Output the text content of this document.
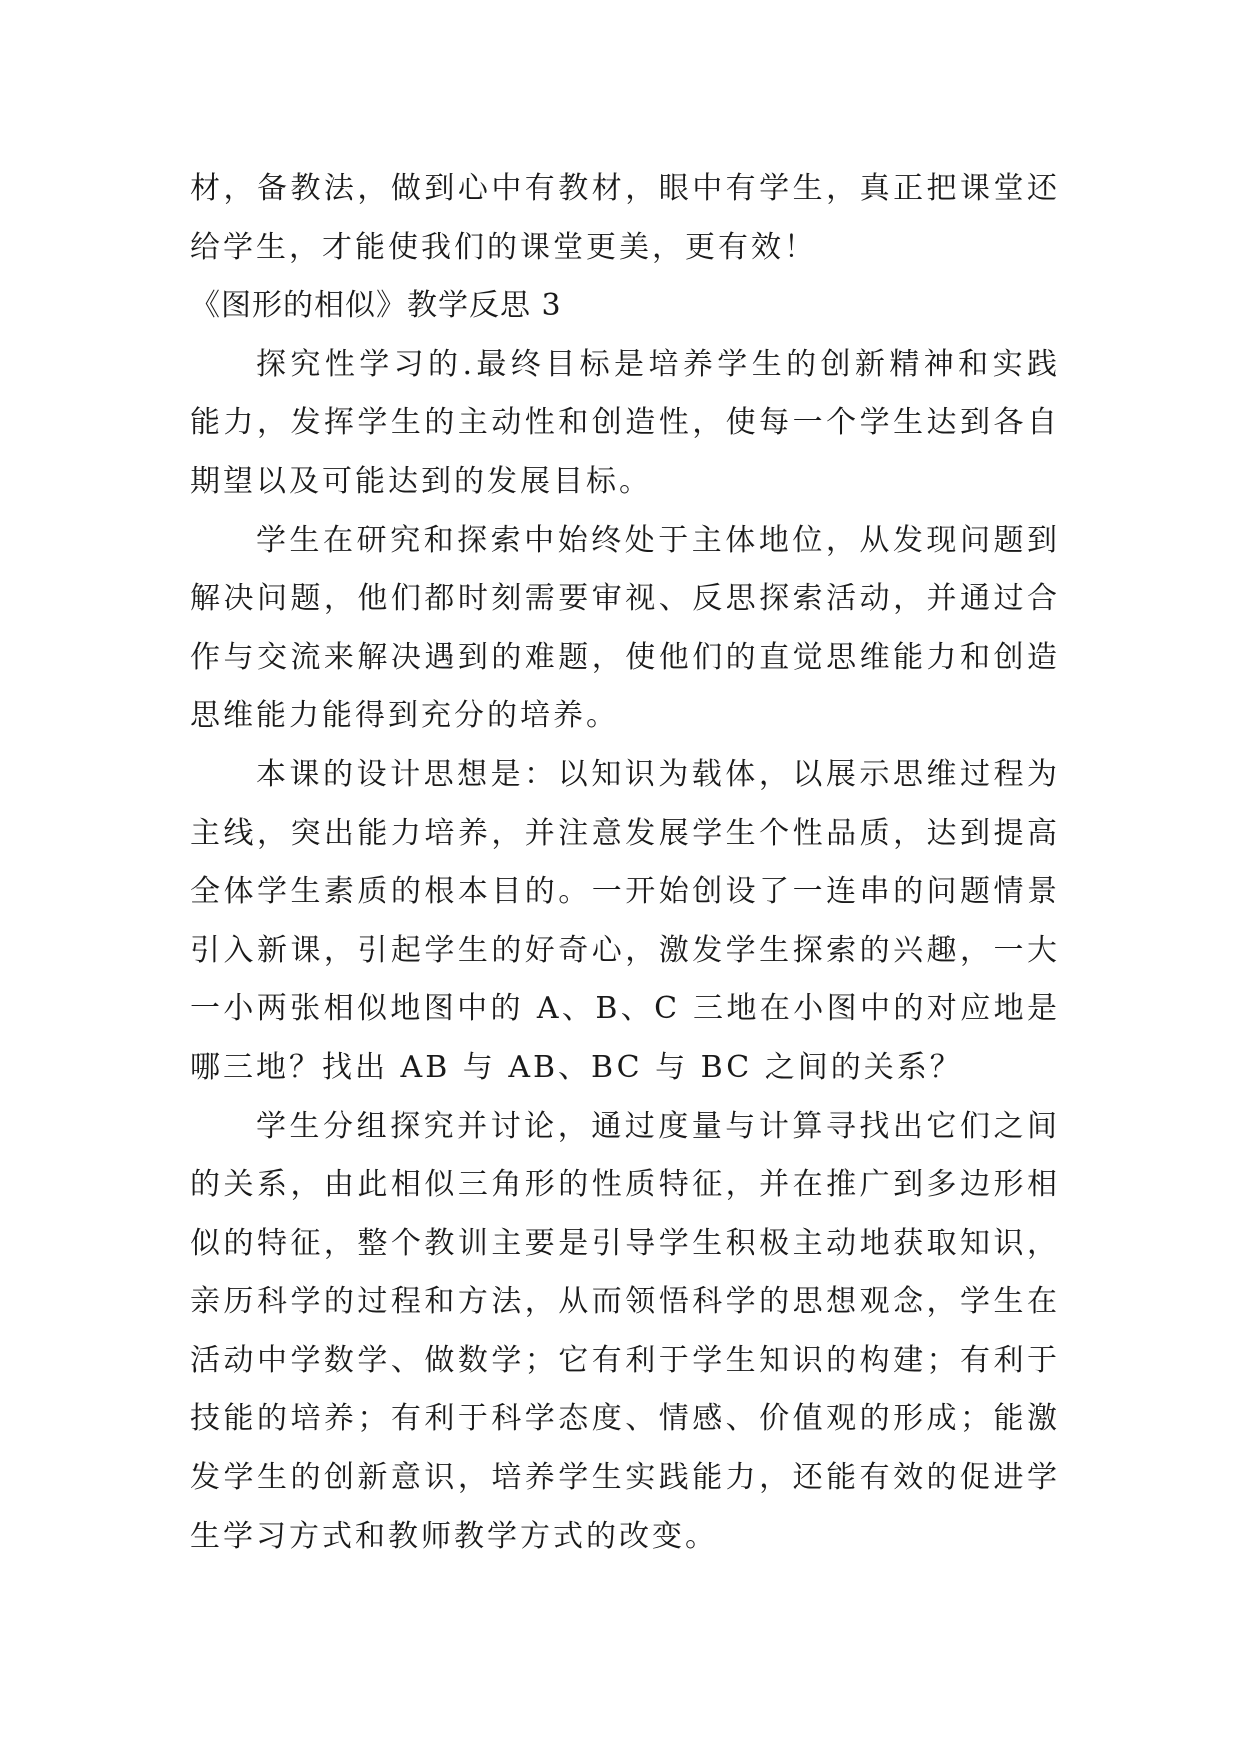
材，备教法，做到心中有教材，眼中有学生，真正把课堂还给学生，才能使我们的课堂更美，更有效！

《图形的相似》教学反思 3

探究性学习的.最终目标是培养学生的创新精神和实践能力，发挥学生的主动性和创造性，使每一个学生达到各自期望以及可能达到的发展目标。

学生在研究和探索中始终处于主体地位，从发现问题到解决问题，他们都时刻需要审视、反思探索活动，并通过合作与交流来解决遇到的难题，使他们的直觉思维能力和创造思维能力能得到充分的培养。

本课的设计思想是：以知识为载体，以展示思维过程为主线，突出能力培养，并注意发展学生个性品质，达到提高全体学生素质的根本目的。一开始创设了一连串的问题情景引入新课，引起学生的好奇心，激发学生探索的兴趣，一大一小两张相似地图中的 A、B、C 三地在小图中的对应地是哪三地？找出 AB 与 AB、BC 与 BC 之间的关系？

学生分组探究并讨论，通过度量与计算寻找出它们之间的关系，由此相似三角形的性质特征，并在推广到多边形相似的特征，整个教训主要是引导学生积极主动地获取知识，亲历科学的过程和方法，从而领悟科学的思想观念，学生在活动中学数学、做数学；它有利于学生知识的构建；有利于技能的培养；有利于科学态度、情感、价值观的形成；能激发学生的创新意识，培养学生实践能力，还能有效的促进学生学习方式和教师教学方式的改变。
